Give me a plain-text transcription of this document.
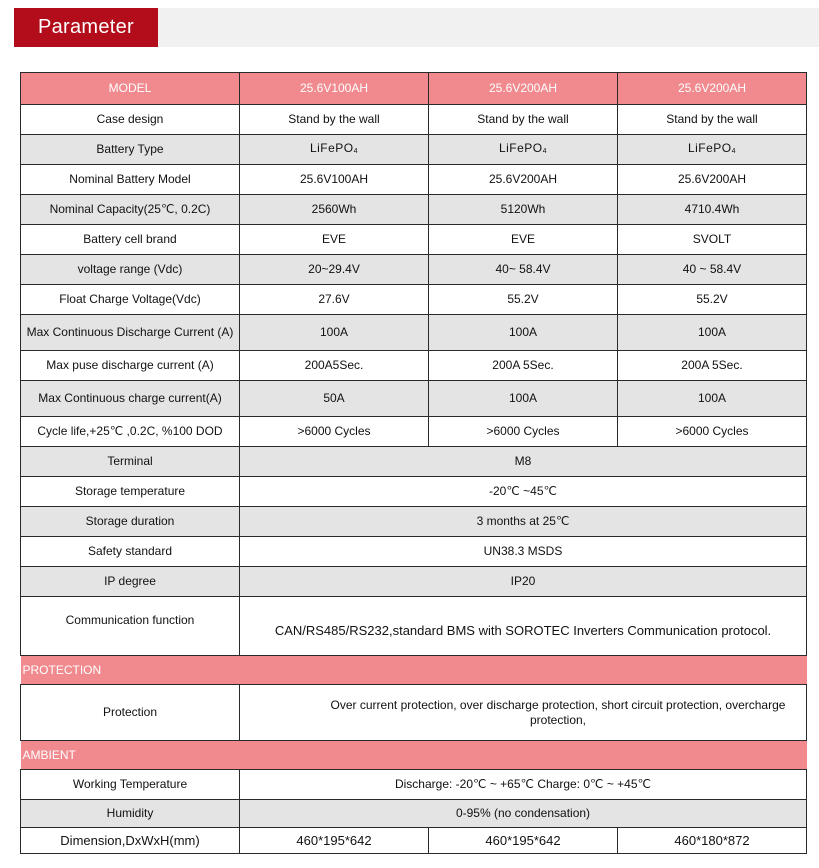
Parameter
MODEL	25.6V100AH	25.6V200AH	25.6V200AH
Case design	Stand by the wall	Stand by the wall	Stand by the wall
Battery Type	LiFePO$_4$	LiFePO$_4$	LiFePO$_4$
Nominal Battery Model	25.6V100AH	25.6V200AH	25.6V200AH
Nominal Capacity(25℃, 0.2C)	2560Wh	5120Wh	4710.4Wh
Battery cell brand	EVE	EVE	SVOLT
voltage range (Vdc)	20~29.4V	40~ 58.4V	40 ~ 58.4V
Float Charge Voltage(Vdc)	27.6V	55.2V	55.2V
Max Continuous Discharge Current (A)	100A	100A	100A
Max puse discharge current (A)	200A5Sec.	200A 5Sec.	200A 5Sec.
Max Continuous charge current(A)	50A	100A	100A
Cycle life,+25℃ ,0.2C, %100 DOD	>6000 Cycles	>6000 Cycles	>6000 Cycles
Terminal	M8		
Storage temperature	-20℃ ~45℃		
Storage duration	3 months at 25℃		
Safety standard	UN38.3 MSDS		
IP degree	IP20		
Communication function	CAN/RS485/RS232,standard BMS with SOROTEC Inverters Communication protocol.		
PROTECTION			
Protection	Over current protection, over discharge protection, short circuit protection, overcharge protection,		
AMBIENT			
Working Temperature	Discharge: -20℃ ~ +65℃ Charge: 0℃ ~ +45℃		
Humidity	0-95% (no condensation)		
Dimension,DxWxH(mm)	460*195*642	460*195*642	460*180*872
